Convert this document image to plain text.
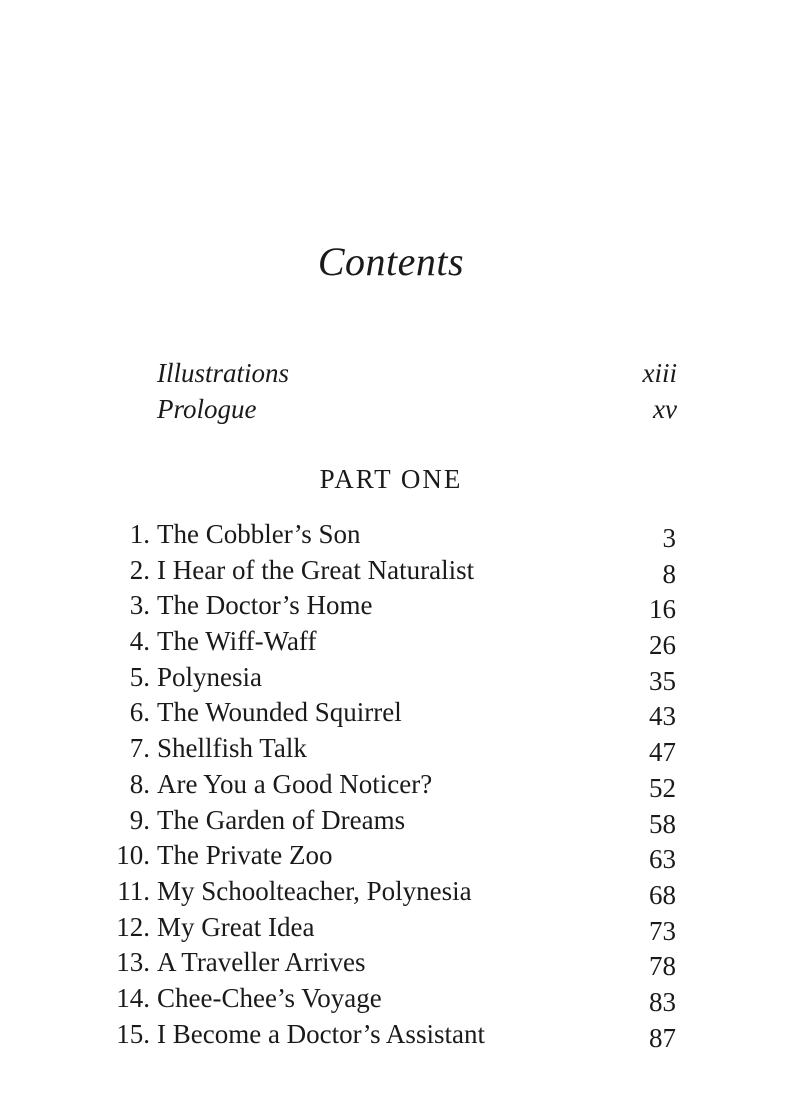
Contents
Illustrations	xiii
Prologue	xv
PART ONE
1. The Cobbler’s Son	3
2. I Hear of the Great Naturalist	8
3. The Doctor’s Home	16
4. The Wiff-Waff	26
5. Polynesia	35
6. The Wounded Squirrel	43
7. Shellfish Talk	47
8. Are You a Good Noticer?	52
9. The Garden of Dreams	58
10. The Private Zoo	63
11. My Schoolteacher, Polynesia	68
12. My Great Idea	73
13. A Traveller Arrives	78
14. Chee-Chee’s Voyage	83
15. I Become a Doctor’s Assistant	87
